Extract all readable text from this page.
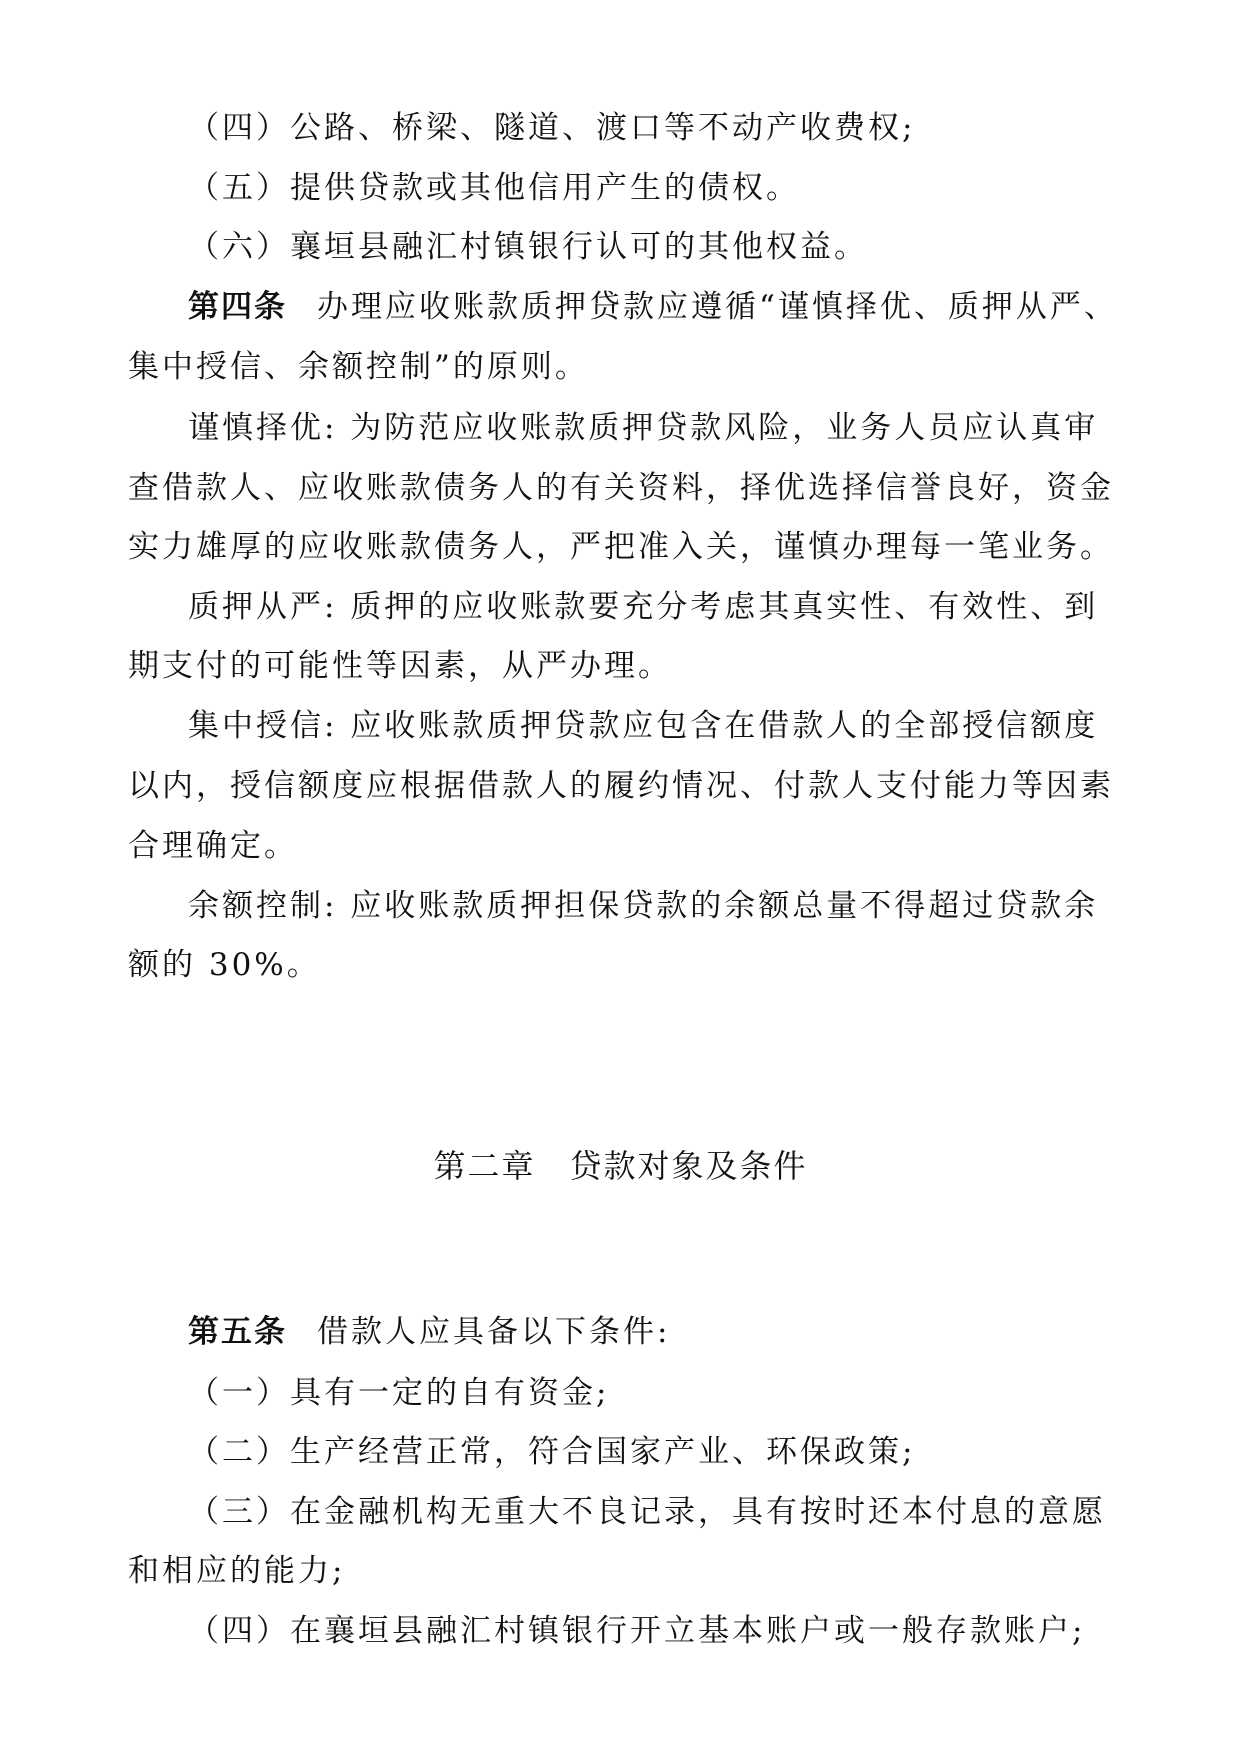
（四）公路、桥梁、隧道、渡口等不动产收费权;
（五）提供贷款或其他信用产生的债权。
（六）襄垣县融汇村镇银行认可的其他权益。
第四条 办理应收账款质押贷款应遵循“谨慎择优、质押从严、
集中授信、余额控制”的原则。
谨慎择优: 为防范应收账款质押贷款风险，业务人员应认真审
查借款人、应收账款债务人的有关资料，择优选择信誉良好，资金
实力雄厚的应收账款债务人，严把准入关，谨慎办理每一笔业务。
质押从严: 质押的应收账款要充分考虑其真实性、有效性、到
期支付的可能性等因素，从严办理。
集中授信: 应收账款质押贷款应包含在借款人的全部授信额度
以内，授信额度应根据借款人的履约情况、付款人支付能力等因素
合理确定。
余额控制: 应收账款质押担保贷款的余额总量不得超过贷款余
额的 30%。
第二章 贷款对象及条件
第五条 借款人应具备以下条件:
（一）具有一定的自有资金;
（二）生产经营正常，符合国家产业、环保政策;
（三）在金融机构无重大不良记录，具有按时还本付息的意愿
和相应的能力;
（四）在襄垣县融汇村镇银行开立基本账户或一般存款账户;
